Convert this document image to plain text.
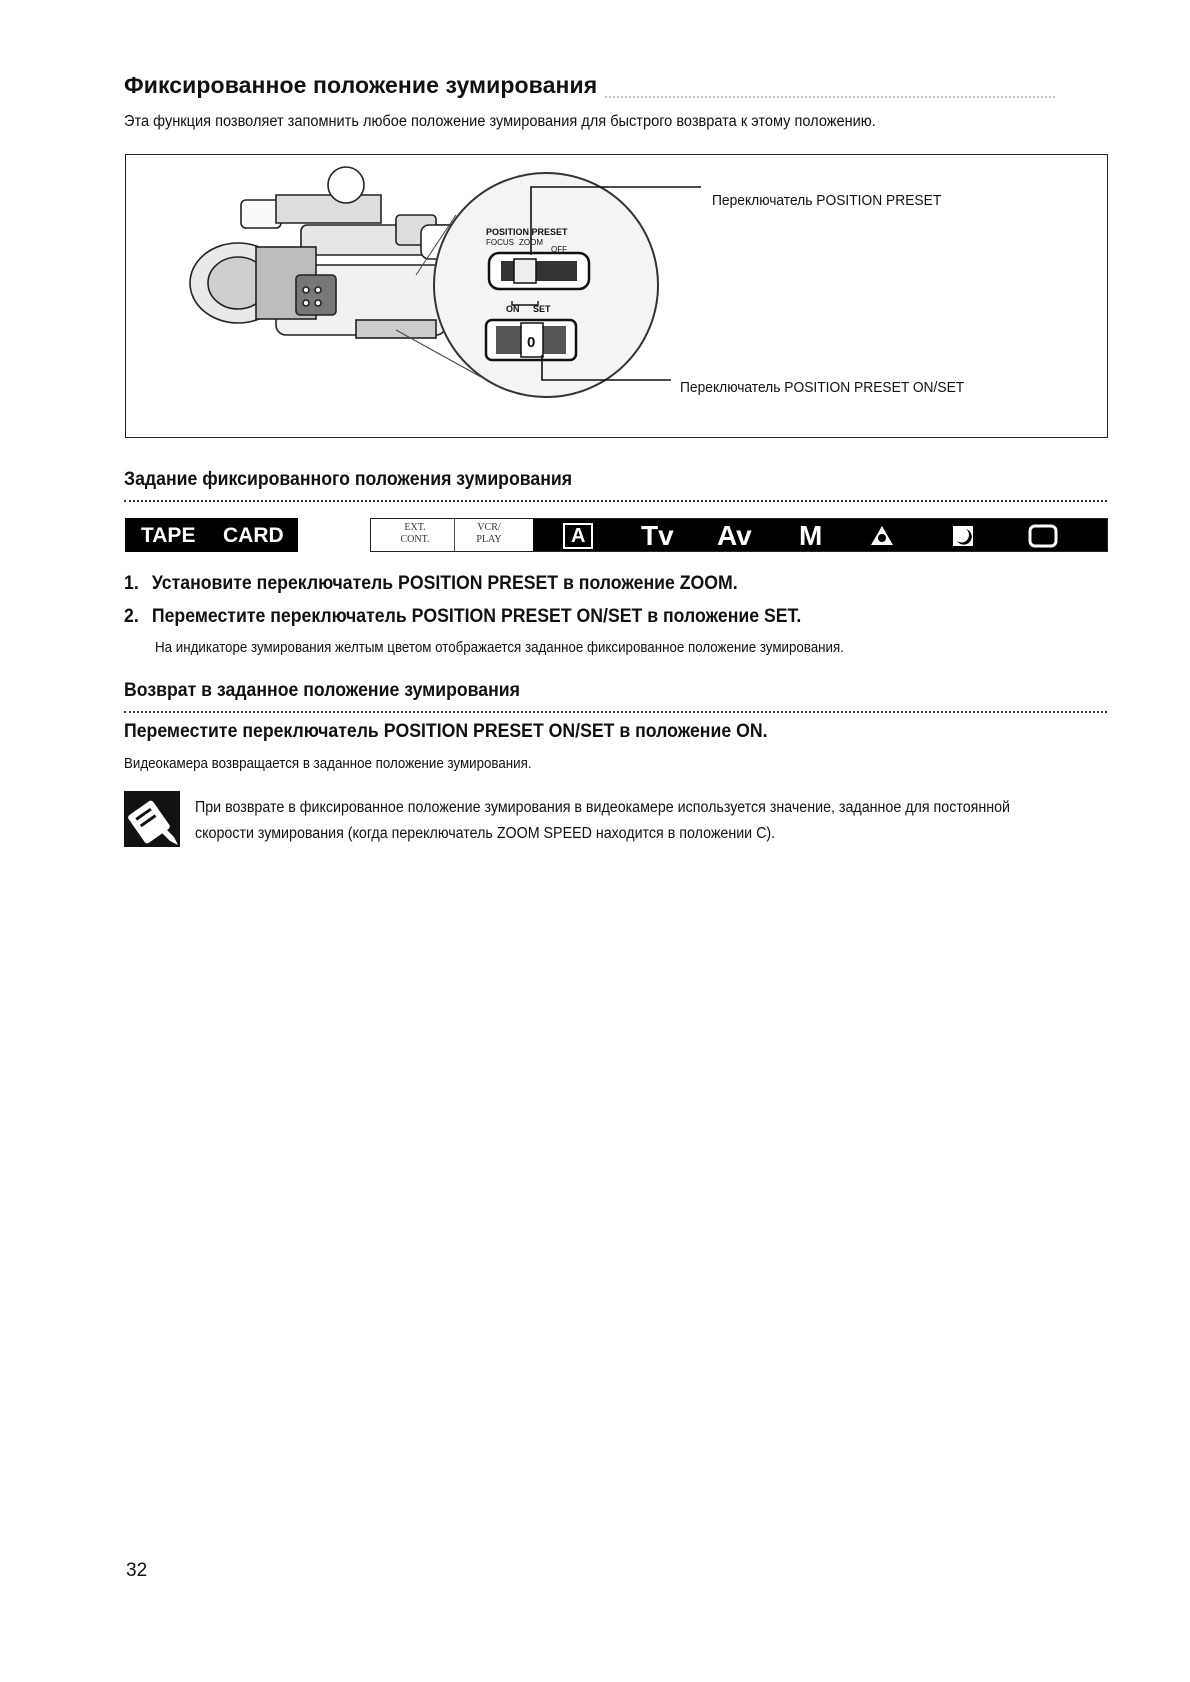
Фиксированное положение зумирования
Эта функция позволяет запомнить любое положение зумирования для быстрого возврата к этому положению.
0
POSITION PRESET
FOCUS ZOOM
OFF
ON SET
Переключатель POSITION PRESET
Переключатель POSITION PRESET ON/SET
Задание фиксированного положения зумирования
TAPE CARD	EXT. CONT.
VCR/ PLAY	A Tv Av M
1. Установите переключатель POSITION PRESET в положение ZOOM.
2. Переместите переключатель POSITION PRESET ON/SET в положение SET.
На индикаторе зумирования желтым цветом отображается заданное фиксированное положение зумирования.
Возврат в заданное положение зумирования
Переместите переключатель POSITION PRESET ON/SET в положение ON.
Видеокамера возвращается в заданное положение зумирования.
При возврате в фиксированное положение зумирования в видеокамере используется значение, заданное для постоянной скорости зумирования (когда переключатель ZOOM SPEED находится в положении C).
32
